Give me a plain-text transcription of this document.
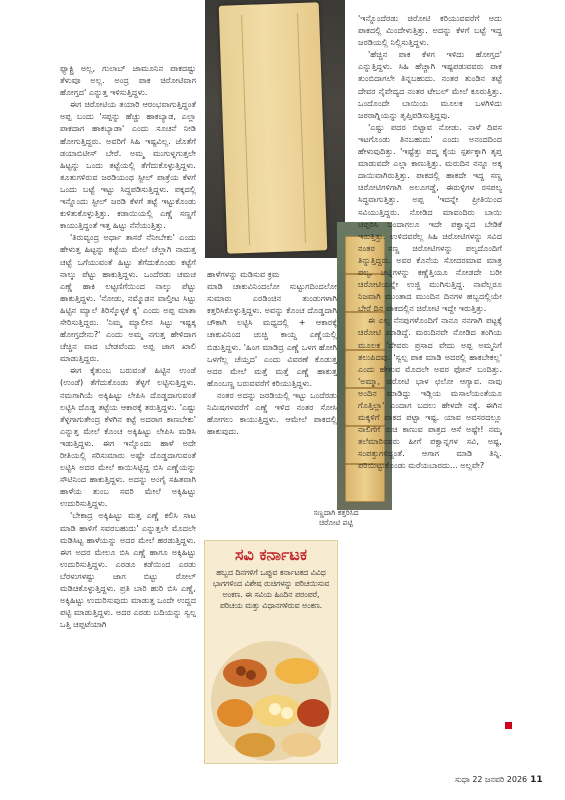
ಸಣ್ಣದಾಗಿ ಕತ್ತರಿಸಿದ ಚಿರೋಟಿ ಪಟ್ಟಿ

ಫ್ಯಾಕ್ಟ್ರಿ ಅಲ್ಲ, ಗುಲಾಬ್ ಜಾಮೂನಿನ ಪಾಕದಷ್ಟು ತೆಳುವೂ ಅಲ್ಲ. ಅಂದ್ರ ಪಾಕ ಚಿರೋಟಿವಾಗ ಹೋಗ್ತದ' ಎನ್ನುತ್ತ ಇಳಿಸುತ್ತಿದ್ದಳು.

ಈಗ ಚಿರೋಟಿಯ ತಯಾರಿ ಆರಂಭವಾಗುತ್ತಿದ್ದಂತೆ ಅಪ್ಪ ಬಂದು 'ಸಪ್ಪನ್ನು ಹೆಚ್ಚು ಹಾಕಬ್ಯಾಡ, ಎಲ್ಲಾ ಪಾಕದಾಗ ಹಾಕಬ್ಯಾಡಾ' ಎಂದು ಸೂಚನೆ ನೀಡಿ ಹೋಗುತ್ತಿದ್ದರು. ಅವರಿಗೆ ಸಿಹಿ ಇಷ್ಟವಿಲ್ಲ. ಜೊತೆಗೆ ಡಯಾಬಿಟೀಸ್ ಬೇರೆ. ಅಮ್ಮ ಮುಗುಳ್ನಗುತ್ತಲೇ ಹಿಟ್ಟನ್ನು ಒಂದು ತಟ್ಟೆಯಲ್ಲಿ ತೆಗೆದುಕೊಳ್ಳುತ್ತಿದ್ದಳು. ತೂತುಗಳಿರುವ ಜರಡಿಯಂಥ ಸ್ಟೀಲ್ ಪಾತ್ರೆಯ ಕೆಳಗೆ ಒಂದು ಬಟ್ಟೆ ಇಟ್ಟು ಸಿದ್ಧಪಡಿಸುತ್ತಿದ್ದಳು. ಪಕ್ಕದಲ್ಲಿ ಇನ್ನೊಂದು ಸ್ಟೀಲ್ ಜರಡಿ ಕೆಳಗೆ ತಟ್ಟೆ ಇಟ್ಟುಕೊಂಡು ಕುಳಿತುಕೊಳ್ಳುತ್ತಿತ್ತು. ಕಡಾಯಿಯಲ್ಲಿ ಎಣ್ಣೆ ಸಣ್ಣಗೆ ಕಾಯುತ್ತಿದ್ದಂತೆ ಇತ್ತ ಹಿಟ್ಟು ನೆನೆಯುತ್ತಿತ್ತು.

'ತಿರುವ್ಯಂದ್ರ ಅರ್ಧಾ ತಾಸರೆ ನೆನೀಬೇಕು' ಎಂದು ಹೇಳುತ್ತ ಹಿಟ್ಟನ್ನು ಕಟ್ಟೆಯ ಮೇಲೆ ಚೆಲ್ಲಾಗಿ ನಾದುತ್ತ ಚಟ್ಟೆ ಒಗೆಯುವಂತೆ ಹಿಟ್ಟು ತೆಗೆದುಕೊಂಡು ಕಟ್ಟೆಗೆ ನಾಲ್ಕು ಪೆಟ್ಟು ಹಾಕುತ್ತಿದ್ದಳು. ಒಂದೆರಡು ಚಮಚ ಎಣ್ಣೆ ಹಾಕಿ ಲಟ್ಟಣಿಗೆಯಿಂದ ನಾಲ್ಕು ಪೆಟ್ಟು ಹಾಕುತ್ತಿದ್ದಳು. 'ನೋಡು, ನಮ್ಮೊಡನ ವಾಲ್ತೀಟ ಸಿಟ್ಟು ಹಿಟ್ಟಿನ ಮ್ಯಾಲೆ ತಿರಿಸ್ಕೊಳ್ಳಕೆ ಕ್ಕ' ಎಂದು ಅಪ್ಪ ಮಾತಾ ಸೇರಿಸುತ್ತಿದ್ದರು. 'ನಿಮ್ಮ ಮ್ಯಾಲೀನ ಸಿಟ್ಟು ಇಷ್ಟಕ್ಕ ಹೋಗ್ತದೇನು?' ಎಂದು ಅಮ್ಮ ನಗುತ್ತ ಹೇಳಿದಾಗ ಚೆಚ್ಚಿನ ವಾದ ಬೇಡವೆಂದು ಅಪ್ಪ ಜಾಗ ಖಾಲಿ ಮಾಡುತ್ತಿದ್ದರು.

ಈಗ ಕೈತುಂಬ ಬರುವಂತೆ ಹಿಟ್ಟಿನ ಉಂಡೆ (ಉಂಡೆ) ತೆಗೆದುಕೊಂಡು ತೆಳ್ಳಗೆ ಲಟ್ಟಿಸುತ್ತಿದ್ದಳು. ನಮಗಾಗಿಯೆ ಅಕ್ಕಿಹಿಟ್ಟು ಲೇಪಿಸಿ ದೊಡ್ಡದಾಗುವಂತೆ ಲಟ್ಟಿಸಿ ದೊಡ್ಡ ತಟ್ಟೆಯ ಆಕಾರಕ್ಕೆ ತರುತ್ತಿದ್ದಳು. 'ಎಷ್ಟು ತೆಳ್ಳಗಾಗುತೇಂದ್ರ ಕೆಳಗಿನ ಕಟ್ಟೆ ಅದರಾಗ ಕಾಣಬೇಕು' ಎನ್ನುತ್ತ ಮೇಲೆ ಕೊಂಚ ಅಕ್ಕಿಹಿಟ್ಟು ಲೇಪಿಸಿ ಮಡಿಸಿ ಇಡುತ್ತಿದ್ದಳು. ಈಗ ಇನ್ನೊಂದು ಹಾಳೆ ಅದೇ ರೀತಿಯಲ್ಲಿ ಸರಿಸುಮಾರು ಅಷ್ಟೇ ದೊಡ್ಡದಾಗುವಂತೆ ಲಟ್ಟಿಸಿ ಅದರ ಮೇಲೆ ಕಾಯಿಸಿಟ್ಟಿದ್ದ ಬಿಸಿ ಎಣ್ಣೆಯನ್ನು ಸೌಟಿನಿಂದ ಹಾಕುತ್ತಿದ್ದಳು. ಅದನ್ನು ಅಂಗೈ ಸಹಿತವಾಗಿ ಹಾಳೆಯ ತುಂಬ ಸವರಿ ಮೇಲೆ ಅಕ್ಕಿಹಿಟ್ಟು ಉದುರಿಸುತ್ತಿದ್ದಳು.

'ಬೇಕಾದ್ರ ಅಕ್ಕಿಹಿಟ್ಟು ಮತ್ತ ಎಣ್ಣೆ ಕಲಿಸಿ ಸಾಟ ಮಾಡಿ ಹಾಳಿಗೆ ಸವರಬಹುದು' ಎನ್ನುತ್ತಲೇ ಮೊದಲೇ ಮಡಿಸಿಟ್ಟ ಹಾಳೆಯನ್ನು ಅದರ ಮೇಲೆ ಹರಡುತ್ತಿದ್ದಳು. ಈಗ ಅದರ ಮೇಲೂ ಬಿಸಿ ಎಣ್ಣೆ ಹಾಗೂ ಅಕ್ಕಿಹಿಟ್ಟು ಉದುರಿಸುತ್ತಿದ್ದಳು. ಎರಡೂ ಕಡೆಯಿಂದ ಎರಡು ಬೆರಳುಗಳಷ್ಟು ಜಾಗ ಬಿಟ್ಟು ರೋಲ್ ಮಡಿಚಿಕೊಳ್ಳುತ್ತಿದ್ದಳು. ಪ್ರತಿ ಬಾರಿ ಹುರಿ ಬಿಸಿ ಎಣ್ಣೆ, ಅಕ್ಕಿಹಿಟ್ಟು ಉದುರಿಸುವುದು ಮಾಡುತ್ತ ಒಂದೇ ಉದ್ದದ ಪಟ್ಟಿ ಮಾಡುತ್ತಿದ್ದಳು. ಅದರ ಎರಡು ಬದಿಯನ್ನು ಸ್ವಲ್ಪ ಒತ್ತಿ ಚಪ್ಪಟೆಯಾಗಿ

ಹಾಳೆಗಳನ್ನು ಮಡಿಸುವ ಕ್ರಮ

ಮಾಡಿ ಚಾಕುವಿನಿಂದಲೋ ಸುಟ್ಟುಗದಿಂದಲೋ ಸುಮಾರು ಎರಡಿಂಚಿನ ತುಂಡುಗಳಾಗಿ ಕತ್ತರಿಸಿಕೊಳ್ಳುತ್ತಿದ್ದಳು. ಅವನ್ನು ಕೊಂಚ ದೊಡ್ಡದಾಗಿ ಚೌಕಾಗಿ ಲಟ್ಟಿಸಿ ಮಧ್ಯದಲ್ಲಿ + ಆಕಾರಕ್ಕೆ ಚಾಕುವಿನಿಂದ ಚುಚ್ಚಿ ಕಾಯ್ದ ಎಣ್ಣೆಯಲ್ಲಿ ಬಿಡುತ್ತಿದ್ದಳು. 'ಹಿಂಗ ಮಾಡಿದ್ರ ಎಣ್ಣೆ ಒಳಗ ಹೋಗಿ ಒಳಗೆಲ್ಲ ಚೆಯ್ತದ' ಎಂದು ವಿವರಣೆ ಕೊಡುತ್ತ ಅದರ ಮೇಲೆ ಮತ್ತೆ ಮತ್ತೆ ಎಣ್ಣೆ ಹಾಕುತ್ತ ಹೊಂಬಣ್ಣ ಬರುವವರೆಗೆ ಕರಿಯುತ್ತಿದ್ದಳು.

ನಂತರ ಅದನ್ನು ಜರಡಿಯಲ್ಲಿ ಇಟ್ಟು ಒಂದೆರಡು ನಿಮಿಷಗಳವರೆಗೆ ಎಣ್ಣೆ ಇಳಿದ ನಂತರ ಸೋಸಿ ಹೋಗಲು ಕಾಯುತ್ತಿದ್ದಳು. ಆಮೇಲೆ ಪಾಕದಲ್ಲಿ ಹಾಕುವುದು.

'ಇನ್ನೊಂದೆರಡು ಚಿರೋಟಿ ಕರಿಯುವವರೆಗೆ ಅದು ಪಾಕದಲ್ಲಿ ಮಿಂದೇಳುತ್ತಿತ್ತು. ಅದನ್ನು ಕೆಳಗೆ ಬಟ್ಟೆ ಇದ್ದ ಜರಡಿಯಲ್ಲಿ ನಿಲ್ಲಿಸುತ್ತಿದ್ದಳು.

'ಹೆಚ್ಚಿನ ಪಾಕ ಕೆಳಗ ಇಳಿದು ಹೋಗ್ತದ' ಎನ್ನುತ್ತಿದ್ದಳು. ಸಿಹಿ ಹೆಚ್ಚಾಗಿ ಇಷ್ಟಪಡುವವರು ಪಾಕ ತುಂಬಿದಾಗಲೇ ತಿನ್ನಬಹುದು. ನಂತರ ತುಂಡಿನ ತಟ್ಟೆ ದೇವರ ನೈವೇದ್ಯದ ನಂತರ ಟೇಬಲ್ ಮೇಲೆ ಕೂರುತ್ತಿತ್ತು. ಒಂದೊಂದೇ ಬಾಯಿಯ ಮೂಲಕ ಒಳಗಿಳಿದು ಜಠರಾಗ್ನಿಯನ್ನು ತೃಪ್ತಿಪಡಿಸುತ್ತಿದ್ದವು.

'ಎಷ್ಟು ಪದರ ಬಿಟ್ಟಾವ ನೋಡು. ನಾಳೆ ದಿವಸ ಇಟಗೊಂಡು ತಿನಬಹುದು' ಎಂದು ಅನಂದದಿಂದ ಹೇಳುವುದಿತ್ತು. 'ಇಷ್ಟೆತ್ತು ಪದ್ಮ ಕೈಯ ಸ್ಪರ್ಶಕ್ಕಾಗಿ ತೃಪ್ತ ಮಾಡುವದೇ ಎಲ್ಲಾ ಕಾಣುತ್ತಿತ್ತು. ಮರುದಿನ ನನ್ನೂ ಅಕ್ಕ ದಾಯಿವಾಗಿರುತ್ತಿತ್ತು. ಪಾಕದಲ್ಲಿ ಹಾಕದೇ ಇದ್ದ ಸಣ್ಣ ಚಿರೋಟಿಗಳಿಗಾಗಿ ಅಲೂಗಡ್ಡೆ, ಈರುಳ್ಳಿಗಳ ರಸಪಲ್ಯ ಸಿದ್ಧವಾಗುತ್ತಿತ್ತು. ಅಪ್ಪ 'ಇದನ್ನೇ ಪ್ರೀತಿಯಿಂದ ಸವಿಯುತ್ತಿದ್ದರು. ನೋಡಿದ ಮಾವಂದಿರು ಬಾಯಿ ಚಪ್ಪರಿಸಿ ಬಂದಾಗಲೂ ಇದೇ ಪಕ್ವಾನ್ನದ ಬೇಡಿಕೆ ಇರುತ್ತಿತ್ತು. ಉಳಿದವರೆಲ್ಲ ಸಿಹಿ ಚಿರೋಟಿಗಳನ್ನು ಸವಿದ ನಂತರ ಸಣ್ಣ ಚಿರೋಟಿಗಳನ್ನು ಪಲ್ಯದೊಂದಿಗೆ ತಿನ್ನುತ್ತಿದ್ದರು. ಅವರ ಕೊನೆಯ ಸೋದರಮಾವ ಮಾತ್ರ ಪಲ್ಯ, ಚಟ್ನಿಗಳನ್ನು ಕಣ್ಣೆತ್ತಿಯೂ ನೋಡದೇ ಬರೀ ಚಿರೋಟಿಯನ್ನೇ ಉಜ್ಜಿ ಮುಗಿಸುತ್ತಿದ್ದ. ನಾವೆಲ್ಲರೂ ನಿಜವಾಗಿ ಮುಂತಾದ ಮುಂದಿನ ದಿನಗಳ ಹಬ್ಬದಲ್ಲಿಯೇ ಬೇರೆ ದಿನ ಪಾಕದಲ್ಲಿನ ಚಿರೋಟಿ ಇದ್ದೇ ಇರುತ್ತಿತ್ತು.

ಈ ಎಲ್ಲ ನೆನಪುಗಳೊಂದಿಗೆ ನಾನೂ ನನಗಾಗಿ ಪಟ್ಟಕ್ಕೆ ಚಿರೋಟಿ ಮಾಡಿದ್ದೆ. ಮರುದಿನವೇ ನೋಡಿದ ತಂಗಿಯ ಮೂಲಕ 'ದೇವರು ಪ್ರಸಾದ ವೇದು ಅಪ್ಪ ಅಮ್ಮನಿಗೆ ತಲುಪಿದವು. 'ಸ್ವಲ್ಪ ಪಾಕ ಮಾಡಿ ಅದರಲ್ಲಿ ಹಾಕಬೇಕಲ್ಲ' ಎಂದು ಹೇಳುವ ಮೊದಲೇ ಅವರ ಫೋನ್ ಬಂದಿತ್ತು. 'ಅಮ್ಮಾ, ಚಿರೋಟಿ ಭಾಳ ಛಲೋ ಆಗ್ಯಾವ. ನಾವು ಅಂದಿನ ಮಾಡಿದ್ದು ಇಡ್ಲಿಯ ಮಸಾಲೆಯಂತೆಯೂ ಗೊತ್ತಿಲ್ಲಾ' ಎಂದಾಗ ಬದಲು ಹೇಳದೇ ನಕ್ಕೆ. ಈಗಿನ ಮಕ್ಕಳಿಗೆ ಪಾಕದ ಪಟ್ಟಾ ಇಷ್ಟ. ಯಾವ ಅವಸರದಲ್ಲೂ ನಾಲಿಗೆಗೆ ರುಚಿ ಕಾಣುವ ಪಾತ್ರದ ಆಸೆ ಅಷ್ಟೇ! ನಮ್ಮ ತಲೆಮಾರಿನವರು ಹೀಗೆ ಪಕ್ವಾನ್ನಗಳ ಸವಿ, ಅಷ್ಟ, ಸಂಪತ್ತುಗಳಿದ್ದಂತೆ. ಆಗಾಗ ಮಾಡಿ ತಿನ್ನಿ. ಪರಿಯಿಟ್ಟುಕೊಂಡು ಮರೆಯಬಾರದು... ಅಲ್ಲವೇ?

ಸವಿ ಕರ್ನಾಟಕ
ಹಬ್ಬದ ದಿನಗಳಿಗೆ ಒಪ್ಪುವ ಕರ್ನಾಟಕದ ವಿವಿಧ ಭಾಗಗಳಿಂದ ವಿಶೇಷ ರುಚಿಗಳನ್ನು ಪರಿಚಯಿಸುವ ಅಂಕಣ. ಈ ಸವಿಯ ಹಿಂದಿನ ಪರಂಪರೆ, ಪರಿಚಯ ಮತ್ತು ವಿಧಾನಗಳಿರುವ ಅಂಕಣ.
ಸುಧಾ 22 ಜನವರಿ 2026 11
